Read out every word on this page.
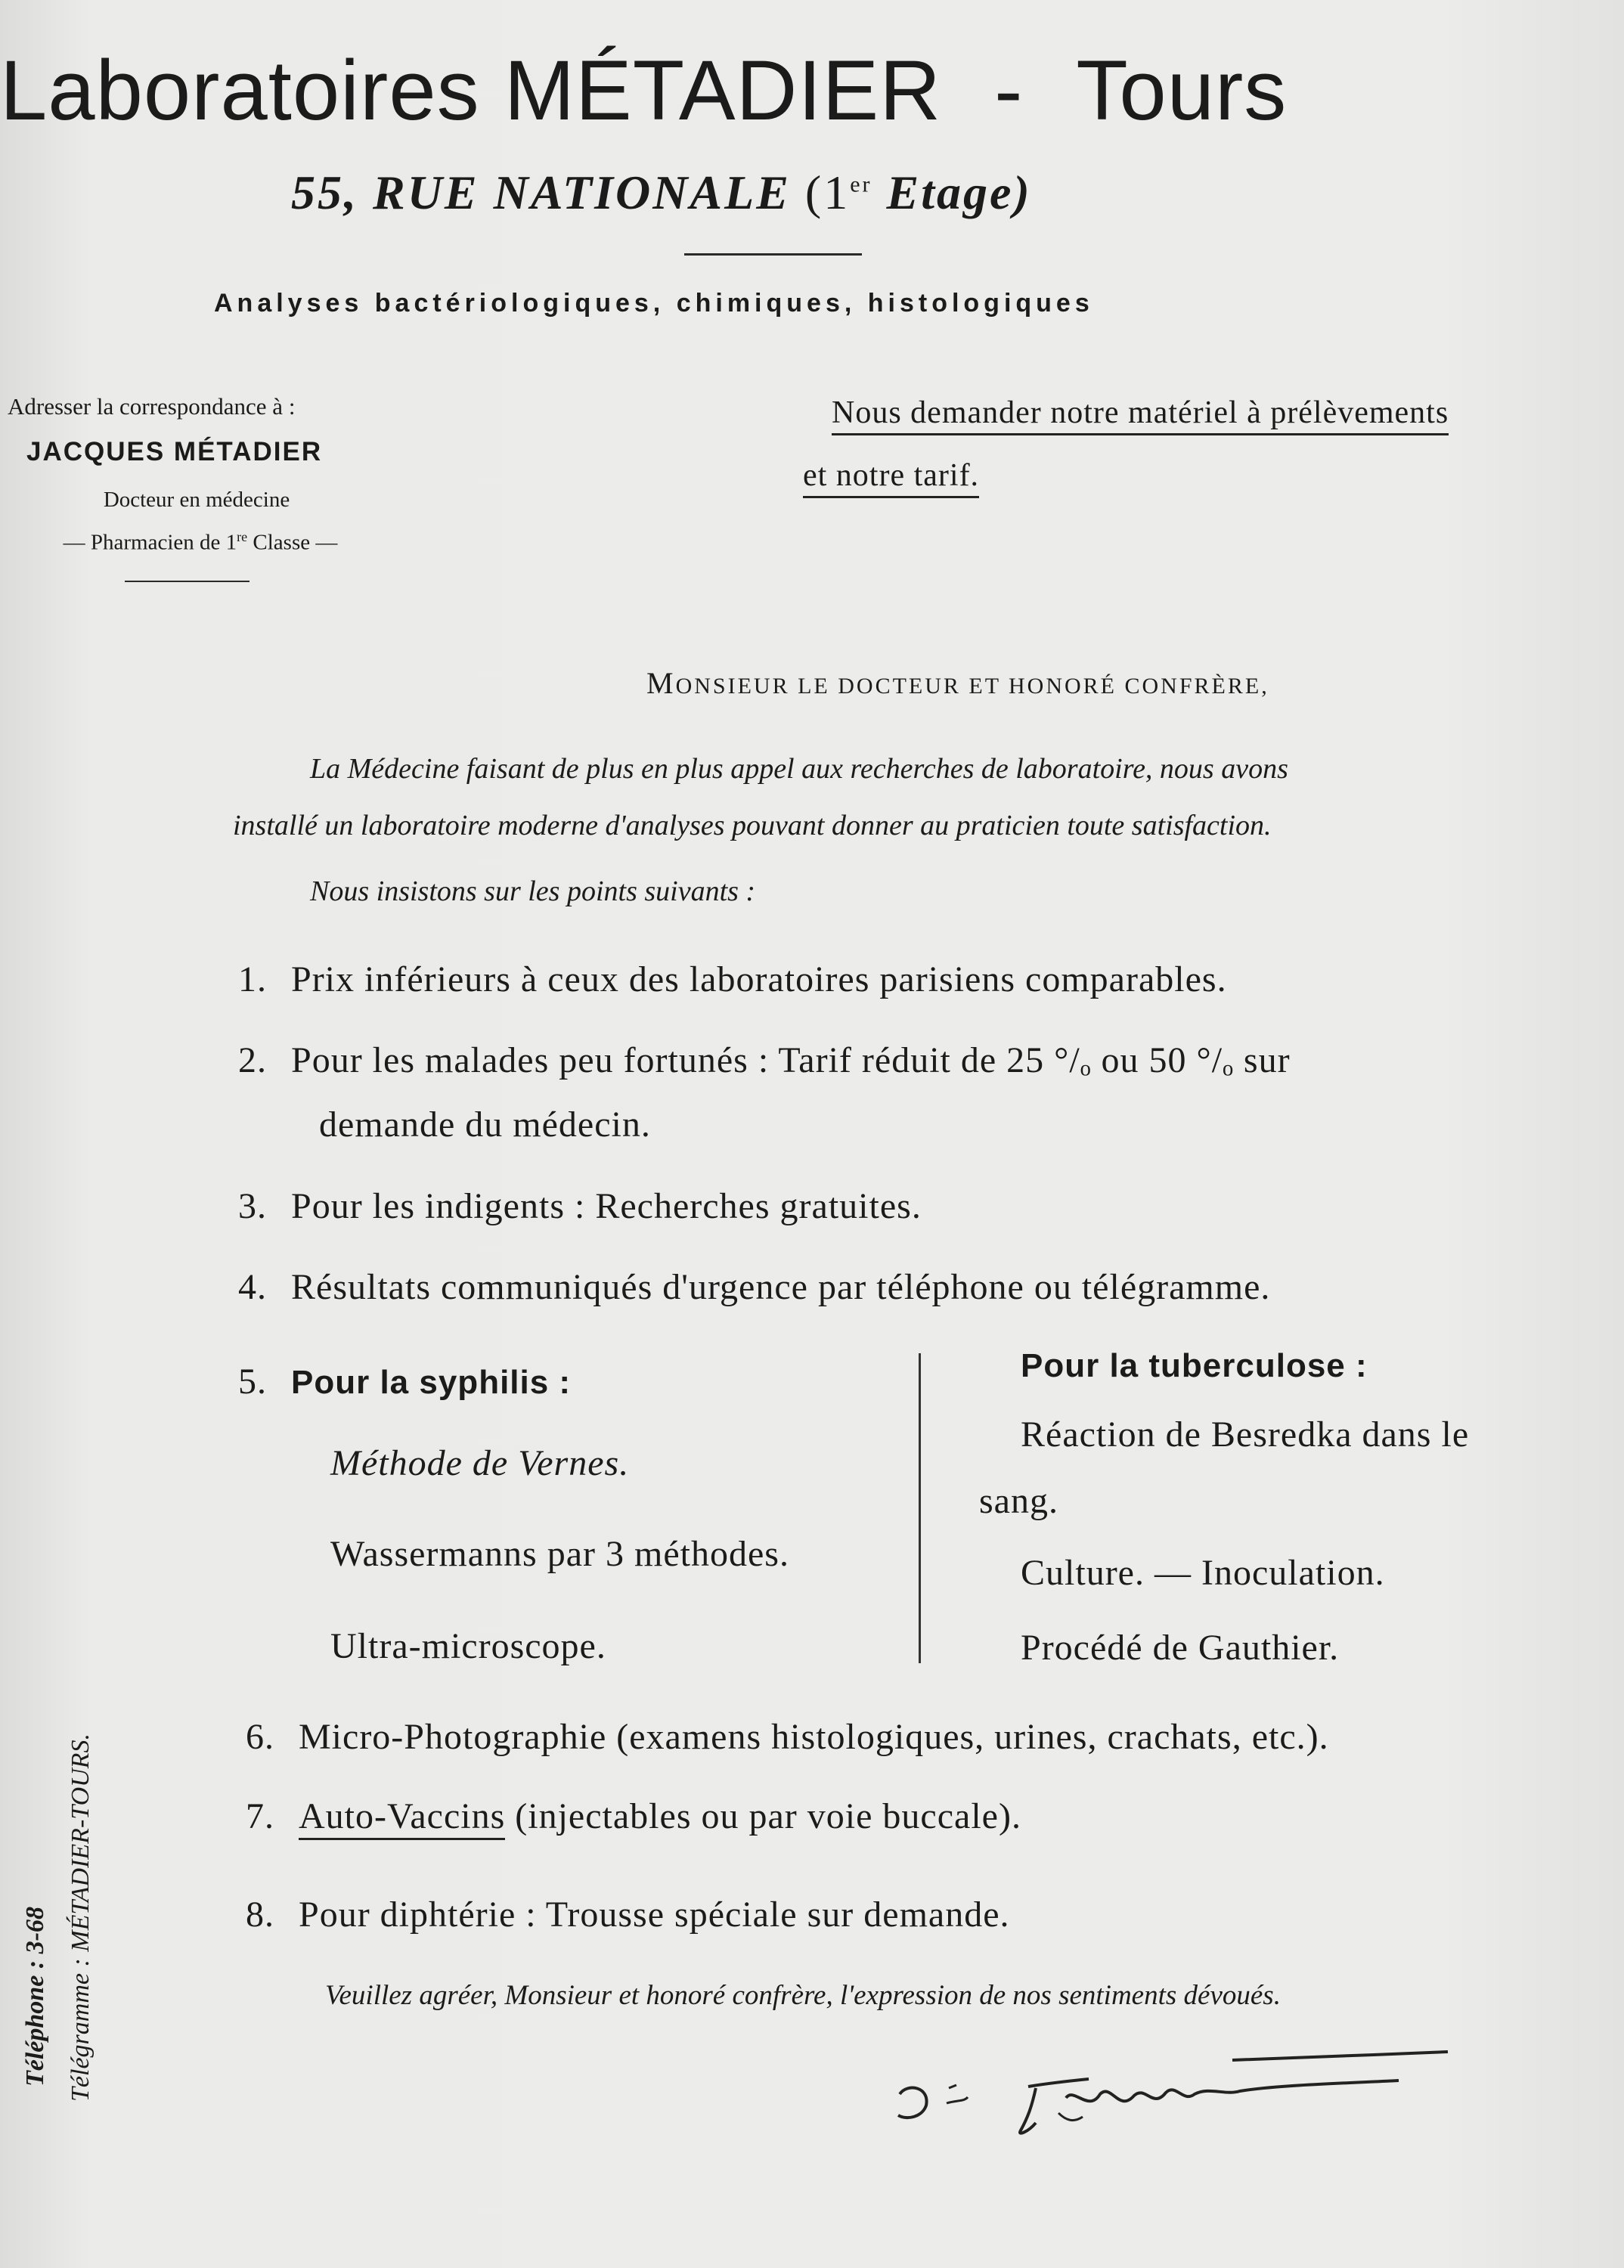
Laboratoires MÉTADIER - Tours
55, RUE NATIONALE (1er Etage)
Analyses bactériologiques, chimiques, histologiques
Adresser la correspondance à :
JACQUES MÉTADIER
Docteur en médecine
— Pharmacien de 1re Classe —
Nous demander notre matériel à prélèvements
et notre tarif.
MONSIEUR LE DOCTEUR ET HONORÉ CONFRÈRE,
La Médecine faisant de plus en plus appel aux recherches de laboratoire, nous avons
installé un laboratoire moderne d'analyses pouvant donner au praticien toute satisfaction.
Nous insistons sur les points suivants :
1. Prix inférieurs à ceux des laboratoires parisiens comparables.
2. Pour les malades peu fortunés : Tarif réduit de 25 °/ₒ ou 50 °/ₒ sur
demande du médecin.
3. Pour les indigents : Recherches gratuites.
4. Résultats communiqués d'urgence par téléphone ou télégramme.
5. Pour la syphilis :
Méthode de Vernes.
Wassermanns par 3 méthodes.
Ultra-microscope.
Pour la tuberculose :
Réaction de Besredka dans le
sang.
Culture. — Inoculation.
Procédé de Gauthier.
6. Micro-Photographie (examens histologiques, urines, crachats, etc.).
7. Auto-Vaccins (injectables ou par voie buccale).
8. Pour diphtérie : Trousse spéciale sur demande.
Veuillez agréer, Monsieur et honoré confrère, l'expression de nos sentiments dévoués.
Téléphone : 3-68 Télégramme : MÉTADIER-TOURS.
